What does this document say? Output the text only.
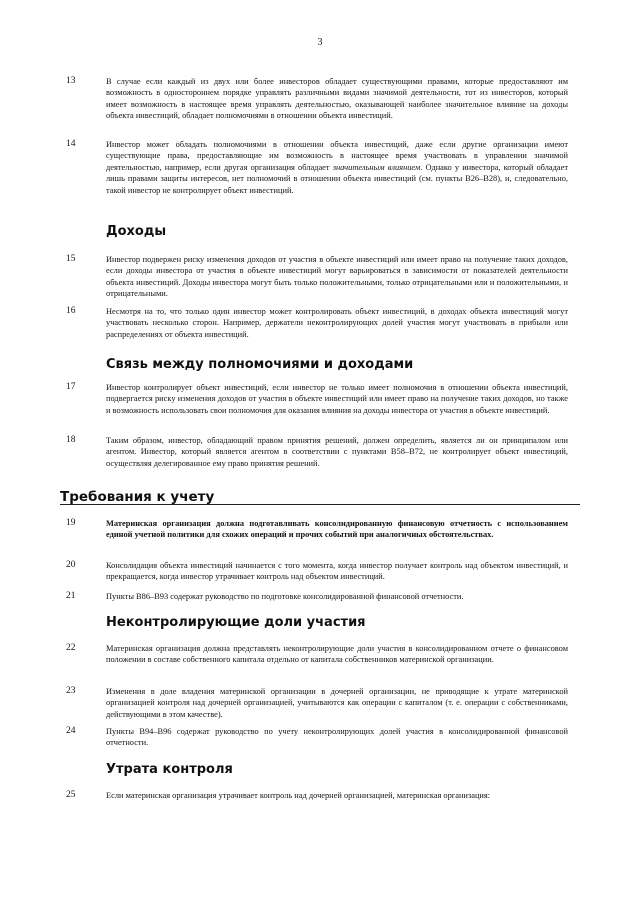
3
13	В случае если каждый из двух или более инвесторов обладает существующими правами, которые предоставляют им возможность в одностороннем порядке управлять различными видами значимой деятельности, тот из инвесторов, который имеет возможность в настоящее время управлять деятельностью, оказывающей наиболее значительное влияние на доходы объекта инвестиций, обладает полномочиями в отношении объекта инвестиций.

14	Инвестор может обладать полномочиями в отношении объекта инвестиций, даже если другие организации имеют существующие права, предоставляющие им возможность в настоящее время участвовать в управлении значимой деятельностью, например, если другая организация обладает значительным влиянием. Однако у инвестора, который обладает лишь правами защиты интересов, нет полномочий в отношении объекта инвестиций (см. пункты B26–B28), и, следовательно, такой инвестор не контролирует объект инвестиций.

Доходы
15	Инвестор подвержен риску изменения доходов от участия в объекте инвестиций или имеет право на получение таких доходов, если доходы инвестора от участия в объекте инвестиций могут варьироваться в зависимости от показателей деятельности объекта инвестиций. Доходы инвестора могут быть только положительными, только отрицательными или и положительными, и отрицательными.

16	Несмотря на то, что только один инвестор может контролировать объект инвестиций, в доходах объекта инвестиций могут участвовать несколько сторон. Например, держатели неконтролирующих долей участия могут участвовать в прибыли или распределениях от объекта инвестиций.

Связь между полномочиями и доходами
17	Инвестор контролирует объект инвестиций, если инвестор не только имеет полномочия в отношении объекта инвестиций, подвергается риску изменения доходов от участия в объекте инвестиций или имеет право на получение таких доходов, но также и возможность использовать свои полномочия для оказания влияния на доходы инвестора от участия в объекте инвестиций.

18	Таким образом, инвестор, обладающий правом принятия решений, должен определить, является ли он принципалом или агентом. Инвестор, который является агентом в соответствии с пунктами B58–B72, не контролирует объект инвестиций, осуществляя делегированное ему право принятия решений.

Требования к учету
19	Материнская организация должна подготавливать консолидированную финансовую отчетность с использованием единой учетной политики для схожих операций и прочих событий при аналогичных обстоятельствах.

20	Консолидация объекта инвестиций начинается с того момента, когда инвестор получает контроль над объектом инвестиций, и прекращается, когда инвестор утрачивает контроль над объектом инвестиций.

21	Пункты B86–B93 содержат руководство по подготовке консолидированной финансовой отчетности.

Неконтролирующие доли участия
22	Материнская организация должна представлять неконтролирующие доли участия в консолидированном отчете о финансовом положении в составе собственного капитала отдельно от капитала собственников материнской организации.

23	Изменения в доле владения материнской организации в дочерней организации, не приводящие к утрате материнской организацией контроля над дочерней организацией, учитываются как операции с капиталом (т. е. операции с собственниками, действующими в этом качестве).

24	Пункты B94–B96 содержат руководство по учету неконтролирующих долей участия в консолидированной финансовой отчетности.

Утрата контроля
25	Если материнская организация утрачивает контроль над дочерней организацией, материнская организация:
